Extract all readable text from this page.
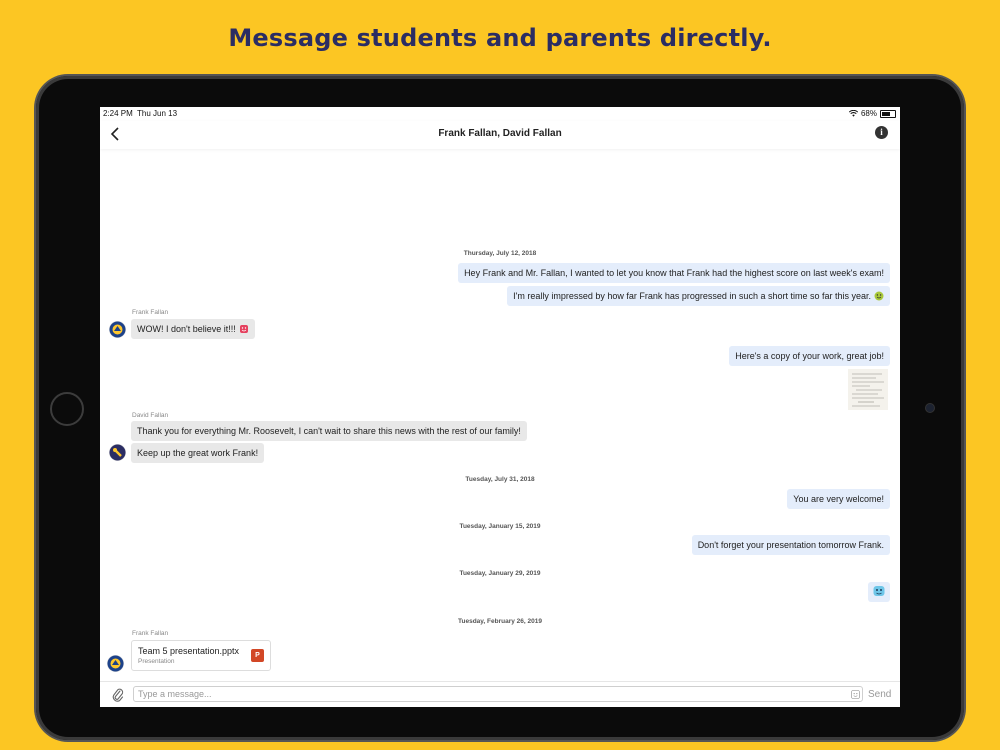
Message students and parents directly.
2:24 PM Thu Jun 13	68%
Frank Fallan, David Fallan	i
Thursday, July 12, 2018
Hey Frank and Mr. Fallan, I wanted to let you know that Frank had the highest score on last week's exam!
I'm really impressed by how far Frank has progressed in such a short time so far this year.
Frank Fallan
WOW! I don't believe it!!!
Here's a copy of your work, great job!
David Fallan
Thank you for everything Mr. Roosevelt, I can't wait to share this news with the rest of our family!
Keep up the great work Frank!
Tuesday, July 31, 2018
You are very welcome!
Tuesday, January 15, 2019
Don't forget your presentation tomorrow Frank.
Tuesday, January 29, 2019
Tuesday, February 26, 2019
Frank Fallan
Team 5 presentation.pptx
Presentation
P
Type a message...
Send
